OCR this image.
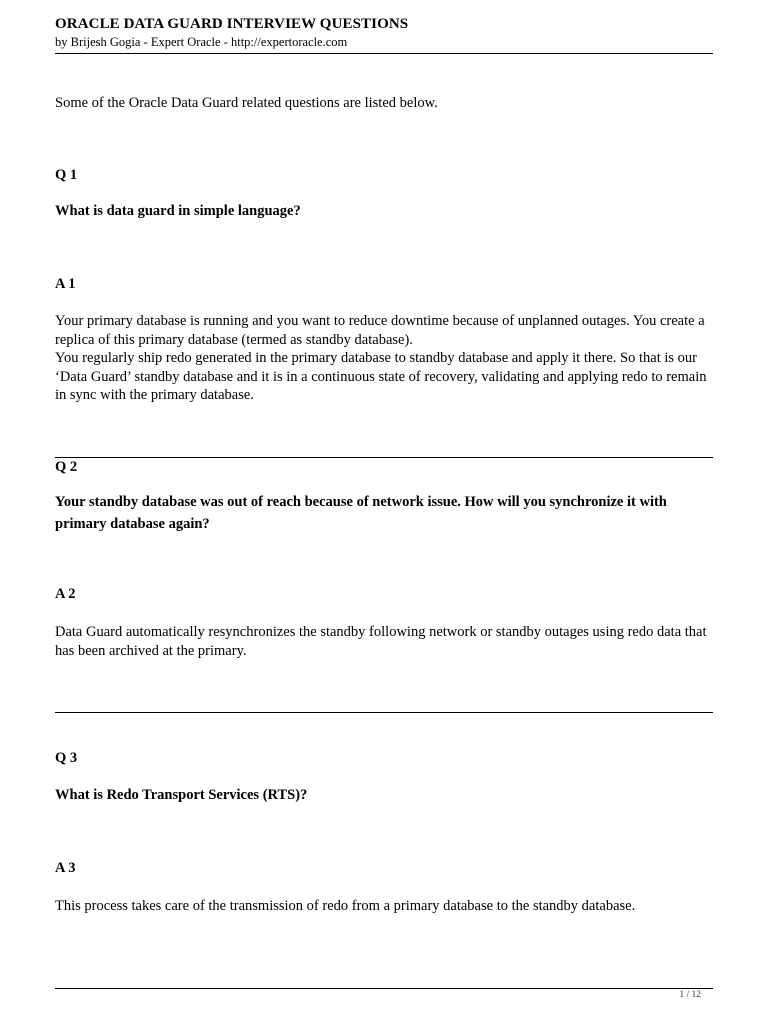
ORACLE DATA GUARD INTERVIEW QUESTIONS
by Brijesh Gogia - Expert Oracle - http://expertoracle.com
Some of the Oracle Data Guard related questions are listed below.
Q 1
What is data guard in simple language?
A 1

Your primary database is running and you want to reduce downtime because of unplanned outages. You create a replica of this primary database (termed as standby database).

You regularly ship redo generated in the primary database to standby database and apply it there. So that is our ‘Data Guard’ standby database and it is in a continuous state of recovery, validating and applying redo to remain in sync with the primary database.

Q 2
Your standby database was out of reach because of network issue. How will you synchronize it with primary database again?
A 2

Data Guard automatically resynchronizes the standby following network or standby outages using redo data that has been archived at the primary.

Q 3
What is Redo Transport Services (RTS)?
A 3

This process takes care of the transmission of redo from a primary database to the standby database.

1 / 12
